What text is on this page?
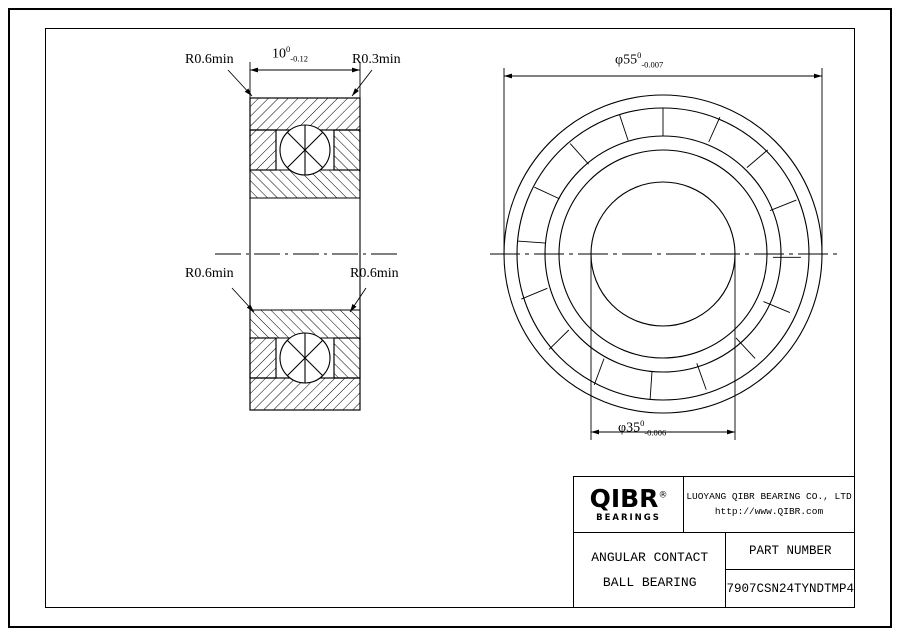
R0.6min	R0.3min
R0.6min	R0.6min
$10^0_{-0.12}$	$\varphi 55^0_{-0.007}$
$\varphi 35^0_{-0.006}$
QIBR®
BEARINGS
LUOYANG QIBR BEARING CO., LTD
http://www.QIBR.com
ANGULAR CONTACT
BALL BEARING
PART NUMBER
7907CSN24TYNDTMP4
